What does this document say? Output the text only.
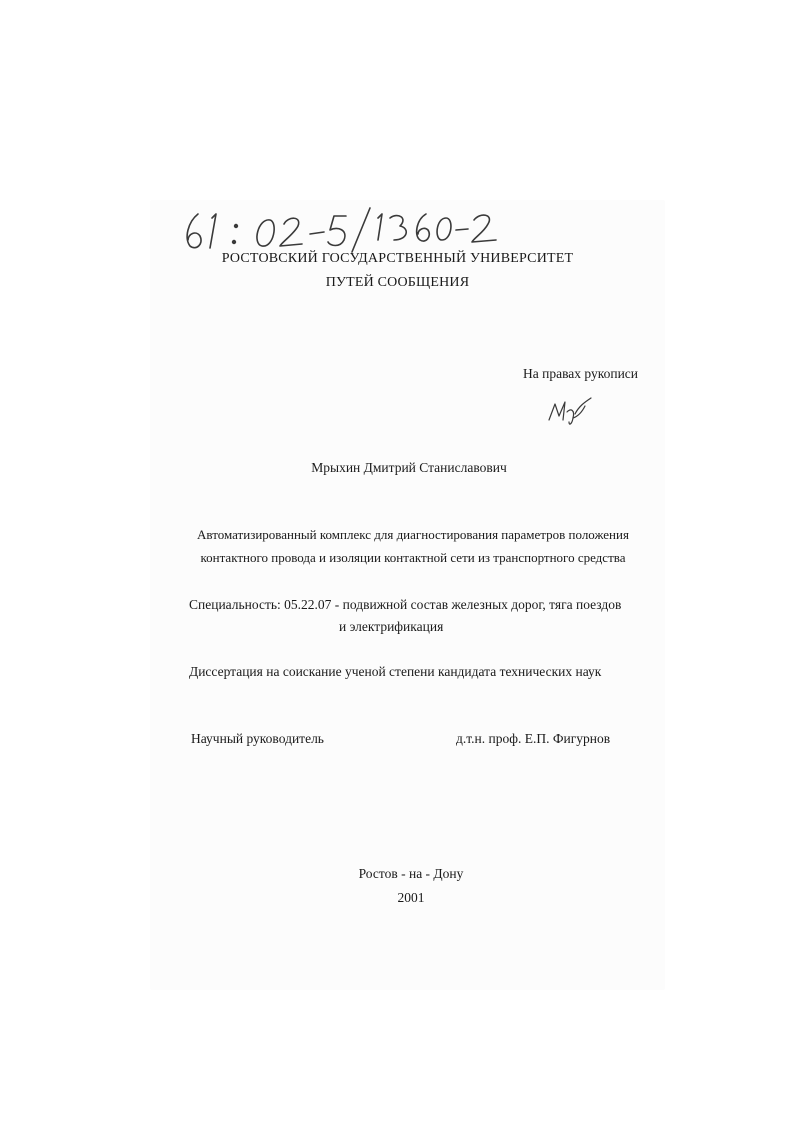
РОСТОВСКИЙ ГОСУДАРСТВЕННЫЙ УНИВЕРСИТЕТ
ПУТЕЙ СООБЩЕНИЯ
На правах рукописи
Мрыхин Дмитрий Станиславович
Автоматизированный комплекс для диагностирования параметров положения
контактного провода и изоляции контактной сети из транспортного средства
Специальность: 05.22.07 - подвижной состав железных дорог, тяга поездов
и электрификация
Диссертация на соискание ученой степени кандидата технических наук
Научный руководитель	д.т.н. проф. Е.П. Фигурнов
Ростов - на - Дону
2001
